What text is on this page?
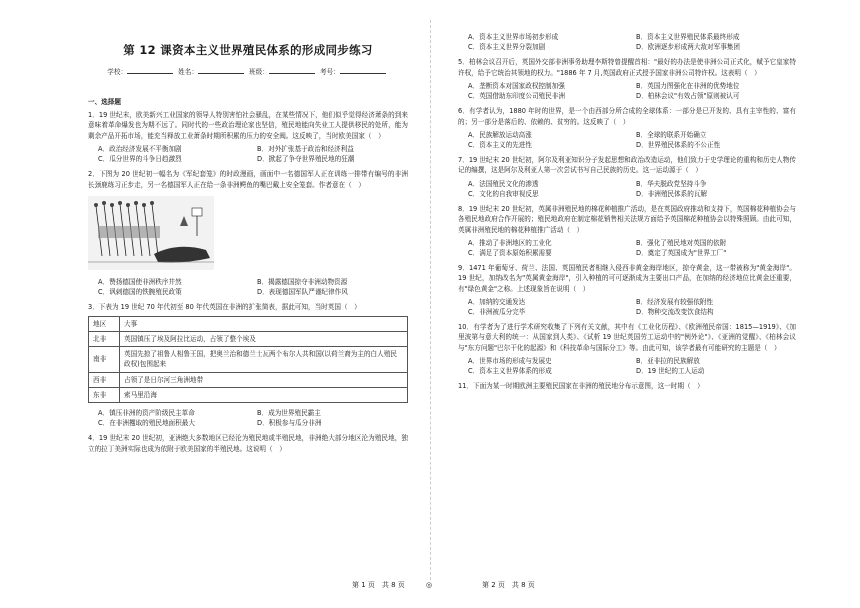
第 12 课资本主义世界殖民体系的形成同步练习
学校：	姓名：	班级：	考号：
一、选择题
1．19 世纪末，欧美新兴工业国家的领导人特别害怕社会骚乱，在某些情况下，他们似乎觉得经济萧条的到来意味着革命爆发也为期不远了。同时代的一些政治理论家也坚信，殖民地能向失业工人提供移民的处所，能为剩余产品开拓市场，能充当释放工业萧条时期所积累的压力的安全阀。这反映了，当时欧美国家（　）
A．政治经济发展不平衡加剧	B．对外扩张基于政治和经济利益
C．瓜分世界的斗争日趋激烈	D．掀起了争夺世界殖民地的狂潮
2．下图为 20 世纪初一幅名为《军纪套笼》的时政漫画，画面中一名德国军人正在训练一排带有编号的非洲长颈鹿练习正步走，另一名德国军人正在给一条非洲鳄鱼的嘴巴戴上安全笼套。作者意在（　）
A．赞扬德国使非洲秩序井然	B．揭露德国掠夺非洲动物资源
C．讽刺德国的铁腕殖民政策	D．表现德国军队严谨纪律作风
3．下表为 19 世纪 70 年代初至 80 年代英国在非洲的扩张简表，据此可知，当时英国（　）
地区	大事
北非	英国镇压了埃及阿拉比运动，占领了整个埃及
南非	英国先掠了祖鲁人相鲁王国，把奥兰治和德兰士瓦两个布尔人共和国(以荷兰裔为主的白人殖民政权)包围起来
西非	占领了是日尔河三角洲地带
东非	索马里沿海
A．镇压非洲的资产阶级民主革命	B．成为世界殖民霸主
C．在非洲攫取的殖民地面积最大	D．积极参与瓜分非洲
4．19 世纪末 20 世纪初，亚洲绝大多数地区已经沦为殖民地或半殖民地，非洲绝大部分地区沦为殖民地，独立的拉丁美洲实际也成为依附于欧美国家的半殖民地。这说明（　）
A．资本主义世界市场初步形成	B．资本主义世界殖民体系最终形成
C．资本主义世界分裂加剧	D．欧洲逐步形成两大敌对军事集团
5．柏林会议召开后，英国外交部非洲事务助理李斯特曾提醒首相："最好的办法是使非洲公司正式化，赋予它皇家特许权，给予它统治其领地的权力。"1886 年 7 月,英国政府正式授予国家非洲公司特许权。这表明（　）
A．垄断资本对国家政权控制加强	B．英国力图强化在非洲的优势地位
C．英国借助东印度公司殖民非洲	D．柏林会议"有效占领"原则被认可
6．有学者认为，1880 年时的世界，是一个由西部分所合成的全球体系：一部分是已开发的、具有主宰性的、富有的；另一部分是落后的、依赖的、贫穷的。这反映了（　）
A．民族解放运动高涨	B．全球的联系开始确立
C．资本主义的先进性	D．世界殖民体系的不公正性
7．19 世纪末 20 世纪初，阿尔及利亚知识分子发起思想和政治改造运动，他们致力于史学理论的重构和历史人物传记的编撰，这是阿尔及利亚人第一次尝试书写自己民族的历史。这一运动源于（　）
A．法国殖民文化的渗透	B．华夫脱政党坚持斗争
C．文化的自我审视反思	D．非洲殖民体系的瓦解
8．19 世纪末 20 世纪初，英属非洲殖民地的棉花种植推广活动，是在英国政府推动和支持下，英国棉花种植协会与各殖民地政府合作开展的；殖民地政府在制定棉花销售相关法规方面给予英国棉花种植协会以特殊照顾。由此可知，英属非洲殖民地的棉花种植推广活动（　）
A．推动了非洲地区的工业化	B．强化了殖民地对英国的依附
C．满足了资本原始积累需要	D．奠定了英国成为"世界工厂"
9．1471 年葡萄牙、荷兰、法国、英国殖民者相继入侵西非黄金海岸地区，掠夺黄金，这一带被称为"黄金海岸"。19 世纪，加纳改名为"英属黄金海岸"，引入种植的可可逐渐成为主要出口产品，在加纳的经济地位比黄金还重要，有"绿色黄金"之称。上述现象旨在说明（　）
A．加纳的交通发达	B．经济发展有较强依附性
C．非洲被瓜分完毕	D．物种交流改变饮食结构
10．有学者为了进行学术研究收集了下列有关文献，其中有《工业化历程》、《欧洲殖民帝国：1815—1919》、《加里波第与意大利的统一：从国家到人类》、《试析 19 世纪英国劳工运动中的"例外论"》、《亚洲的觉醒》、《柏林会议与"东方问题"巴尔干化的起源》和《科技革命与国际分工》等。由此可知，该学者最有可能研究的主题是（　）
A．世界市场的形成与发展史	B．亚非拉的民族解放
C．资本主义世界体系的形成	D．19 世纪的工人运动
11．下面为某一时期欧洲主要殖民国家在非洲的殖民地分布示意图，这一时期（　）
第 1 页　共 8 页	◎	第 2 页　共 8 页
